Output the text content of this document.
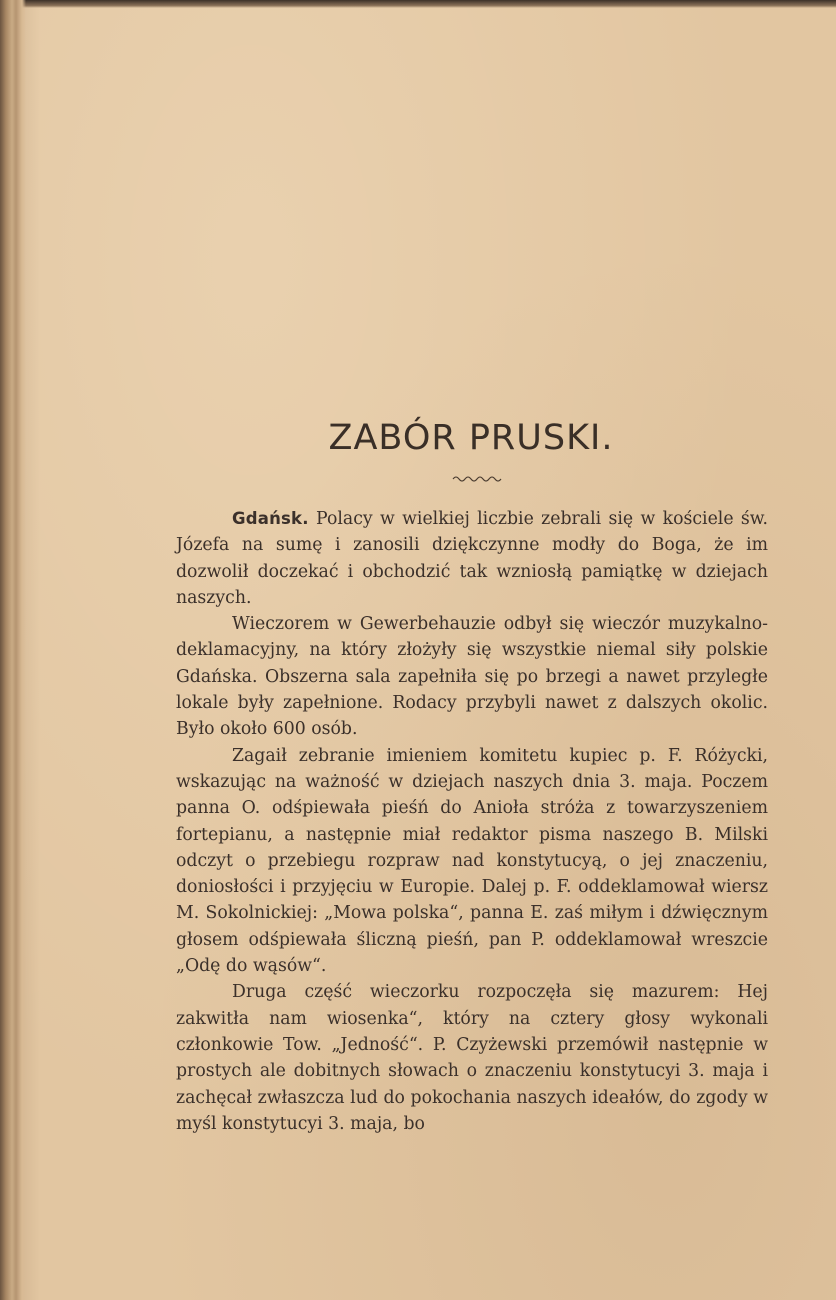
ZABÓR PRUSKI.

Gdańsk. Polacy w wielkiej liczbie zebrali się w kościele św. Józefa na sumę i zanosili dziękczynne modły do Boga, że im dozwolił doczekać i obchodzić tak wzniosłą pamiątkę w dziejach naszych.

Wieczorem w Gewerbehauzie odbył się wieczór muzykalno-deklamacyjny, na który złożyły się wszystkie niemal siły polskie Gdańska. Obszerna sala zapełniła się po brzegi a nawet przyległe lokale były zapełnione. Rodacy przybyli nawet z dalszych okolic. Było około 600 osób.

Zagaił zebranie imieniem komitetu kupiec p. F. Różycki, wskazując na ważność w dziejach naszych dnia 3. maja. Poczem panna O. odśpiewała pieśń do Anioła stróża z towarzyszeniem fortepianu, a następnie miał redaktor pisma naszego B. Milski odczyt o przebiegu rozpraw nad konstytucyą, o jej znaczeniu, doniosłości i przyjęciu w Europie. Dalej p. F. oddeklamował wiersz M. Sokolnickiej: „Mowa polska“, panna E. zaś miłym i dźwięcznym głosem odśpiewała śliczną pieśń, pan P. oddeklamował wreszcie „Odę do wąsów“.

Druga część wieczorku rozpoczęła się mazurem: Hej zakwitła nam wiosenka“, który na cztery głosy wykonali członkowie Tow. „Jedność“. P. Czyżewski przemówił następnie w prostych ale dobitnych słowach o znaczeniu konstytucyi 3. maja i zachęcał zwłaszcza lud do pokochania naszych ideałów, do zgody w myśl konstytucyi 3. maja, bo
